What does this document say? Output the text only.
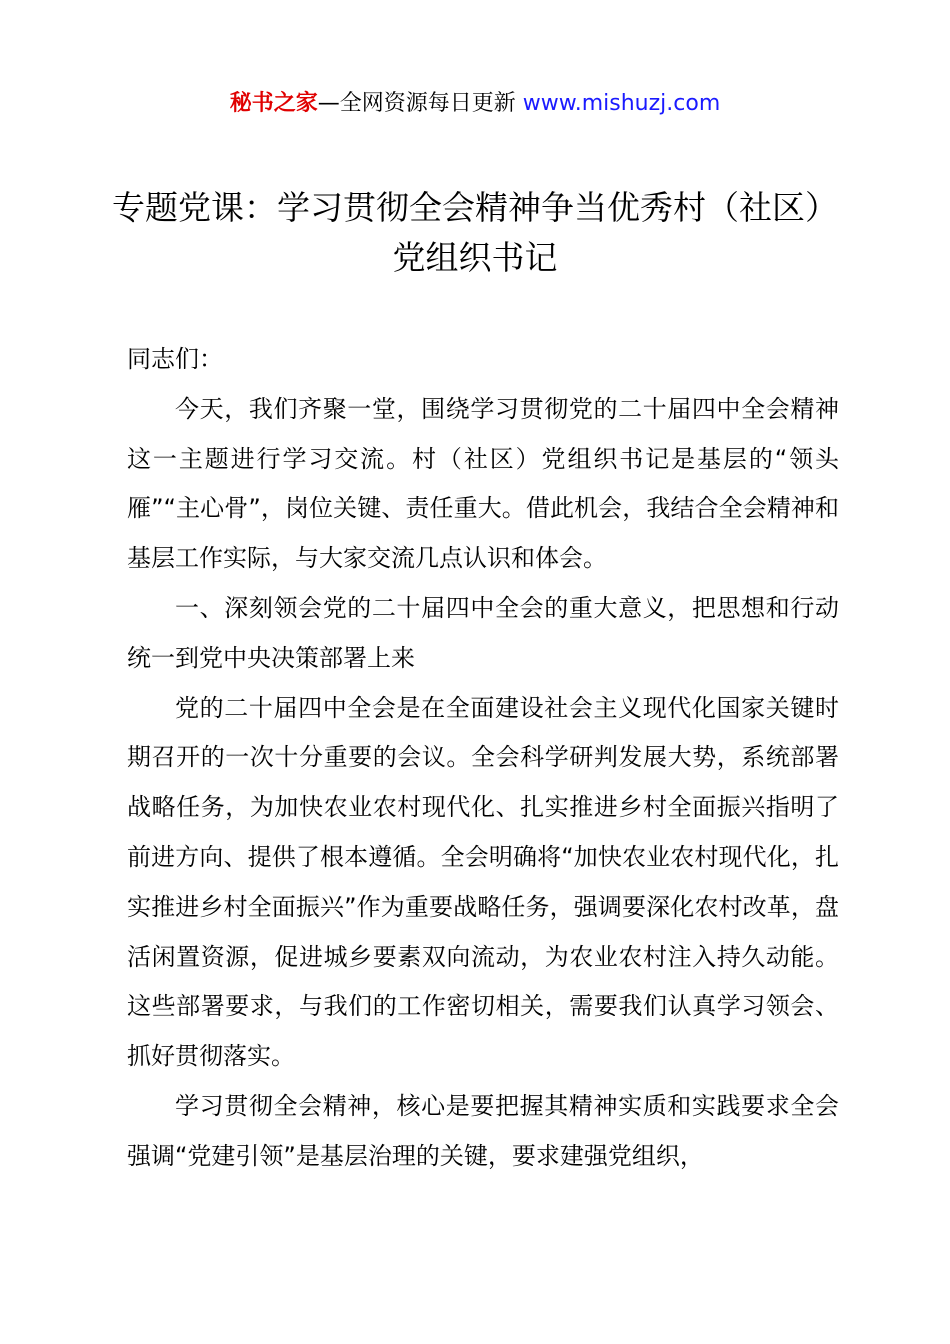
秘书之家—全网资源每日更新 www.mishuzj.com
专题党课：学习贯彻全会精神争当优秀村（社区）党组织书记

同志们：

今天，我们齐聚一堂，围绕学习贯彻党的二十届四中全会精神这一主题进行学习交流。村（社区）党组织书记是基层的“领头雁”“主心骨”，岗位关键、责任重大。借此机会，我结合全会精神和基层工作实际，与大家交流几点认识和体会。

一、深刻领会党的二十届四中全会的重大意义，把思想和行动统一到党中央决策部署上来

党的二十届四中全会是在全面建设社会主义现代化国家关键时期召开的一次十分重要的会议。全会科学研判发展大势，系统部署战略任务，为加快农业农村现代化、扎实推进乡村全面振兴指明了前进方向、提供了根本遵循。全会明确将“加快农业农村现代化，扎实推进乡村全面振兴”作为重要战略任务，强调要深化农村改革，盘活闲置资源，促进城乡要素双向流动，为农业农村注入持久动能。这些部署要求，与我们的工作密切相关，需要我们认真学习领会、抓好贯彻落实。

学习贯彻全会精神，核心是要把握其精神实质和实践要求全会强调“党建引领”是基层治理的关键，要求建强党组织，
